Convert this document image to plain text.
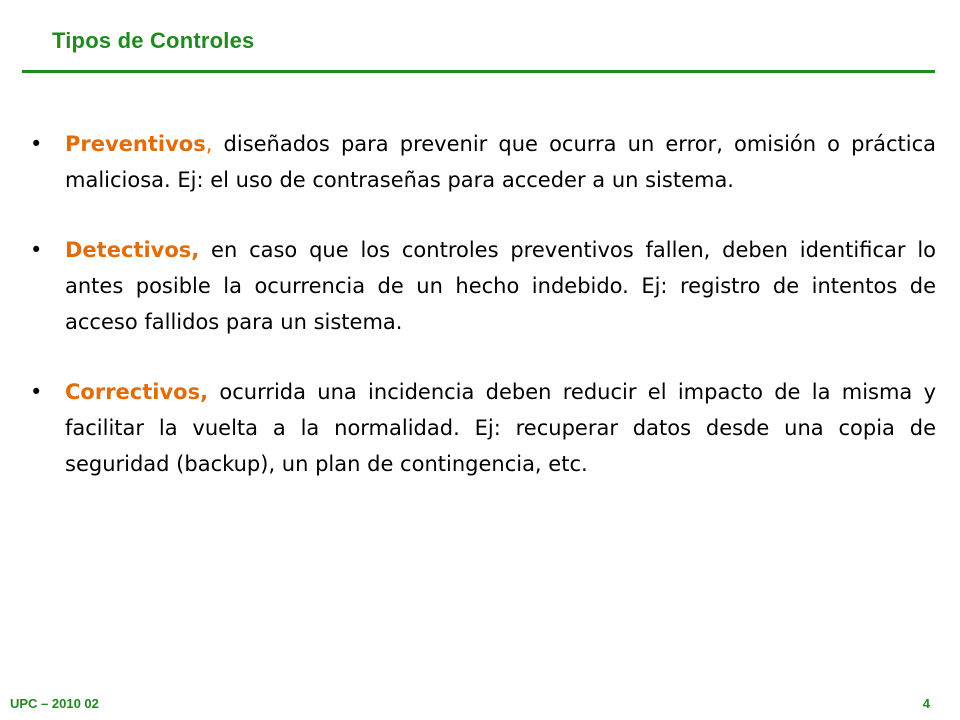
Tipos de Controles
• Preventivos, diseñados para prevenir que ocurra un error, omisión o práctica maliciosa. Ej: el uso de contraseñas para acceder a un sistema.
• Detectivos, en caso que los controles preventivos fallen, deben identificar lo antes posible la ocurrencia de un hecho indebido. Ej: registro de intentos de acceso fallidos para un sistema.
• Correctivos, ocurrida una incidencia deben reducir el impacto de la misma y facilitar la vuelta a la normalidad. Ej: recuperar datos desde una copia de seguridad (backup), un plan de contingencia, etc.
UPC – 2010 02	4
